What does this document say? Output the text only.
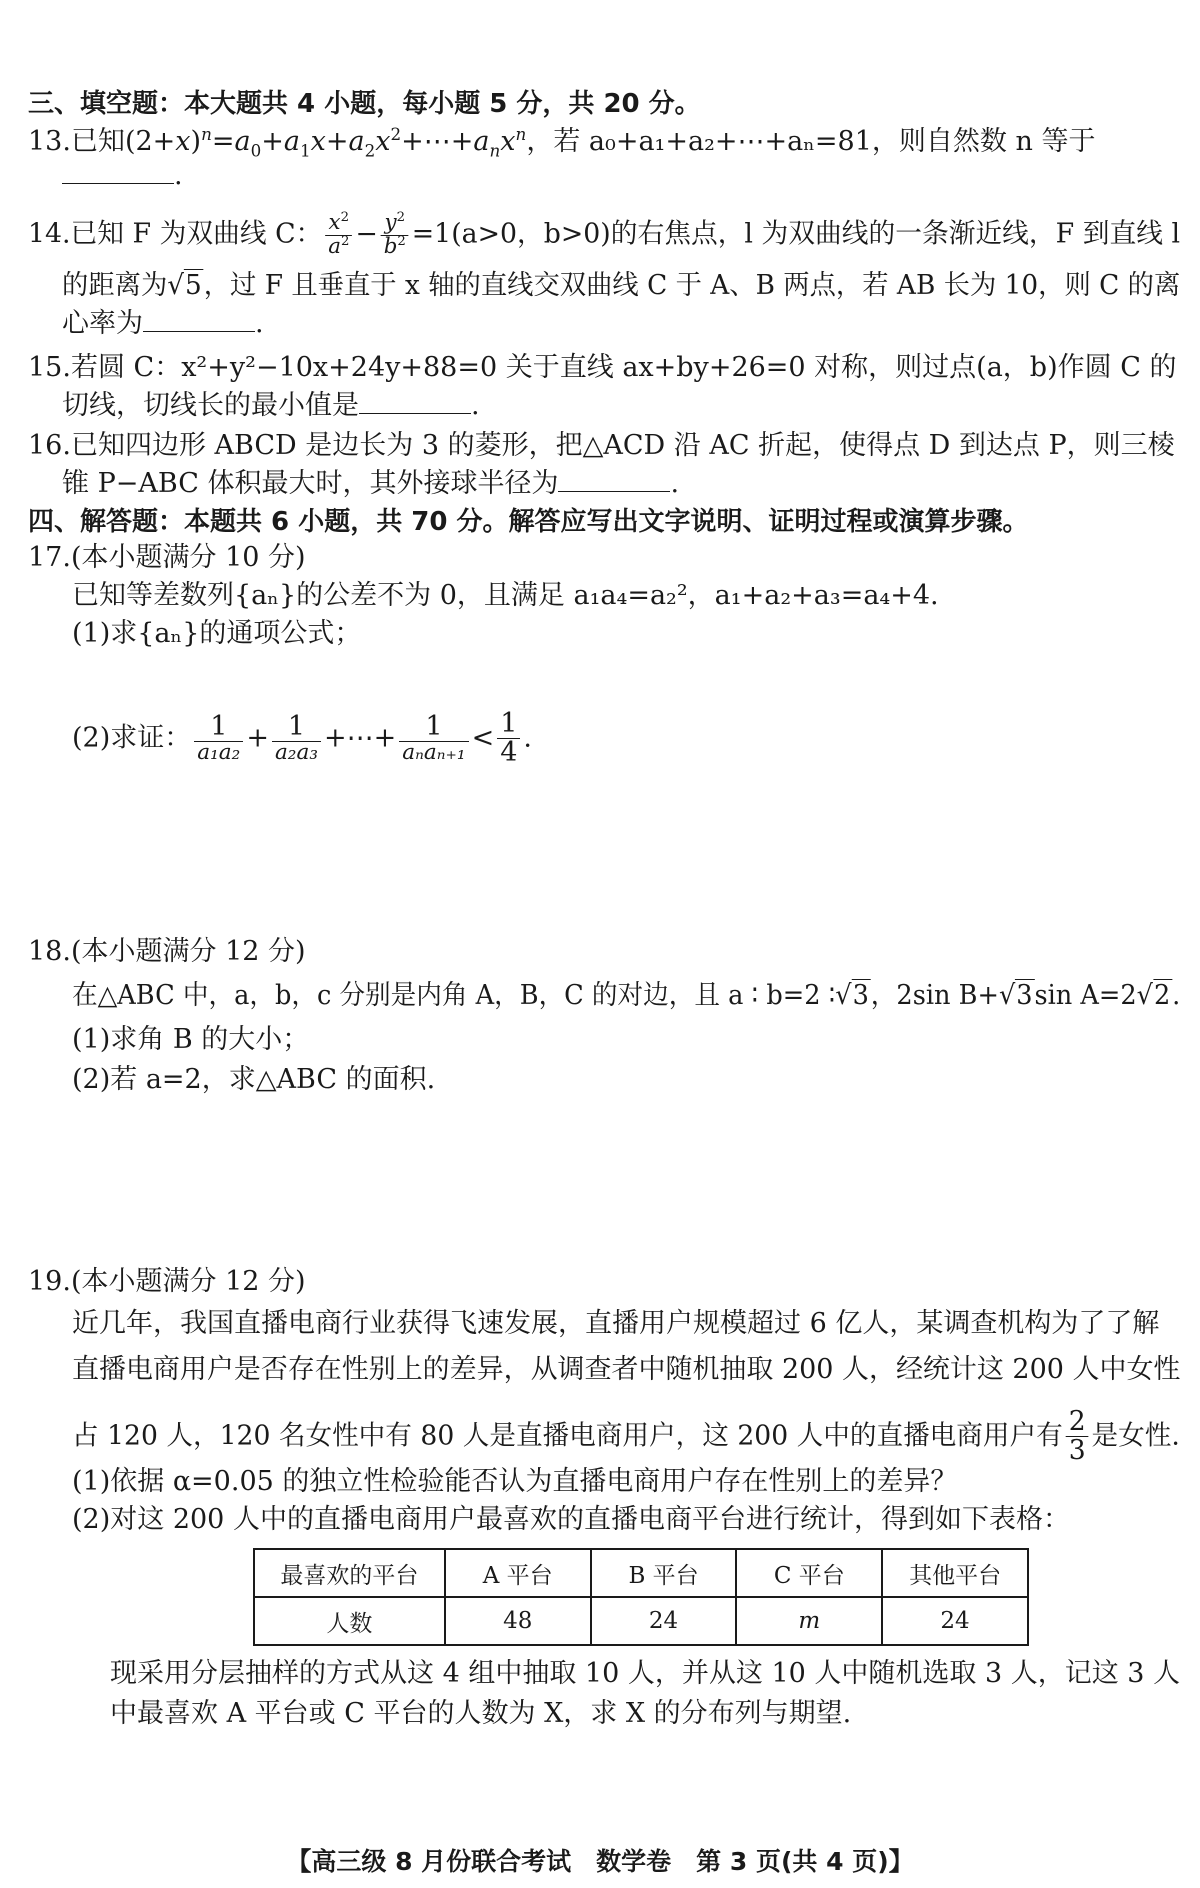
三、填空题：本大题共 4 小题，每小题 5 分，共 20 分。
13.已知$(2+x)^n=a_0+a_1x+a_2x^2+\cdots+a_nx^n$，若 a₀+a₁+a₂+⋯+aₙ=81，则自然数 n 等于
.
14.已知 F 为双曲线 C： $\frac{x^2}{a^2} - \frac{y^2}{b^2} =1(a>0$，b>0)的右焦点，l 为双曲线的一条渐近线，F 到直线 l
的距离为√5，过 F 且垂直于 x 轴的直线交双曲线 C 于 A、B 两点，若 AB 长为 10，则 C 的离
心率为	.
15.若圆 C：x²+y²−10x+24y+88=0 关于直线 ax+by+26=0 对称，则过点(a，b)作圆 C 的
切线，切线长的最小值是	.
16.已知四边形 ABCD 是边长为 3 的菱形，把△ACD 沿 AC 折起，使得点 D 到达点 P，则三棱
锥 P−ABC 体积最大时，其外接球半径为	.
四、解答题：本题共 6 小题，共 70 分。解答应写出文字说明、证明过程或演算步骤。
17.(本小题满分 10 分)
已知等差数列{aₙ}的公差不为 0，且满足 a₁a₄=a₂²，a₁+a₂+a₃=a₄+4.
(1)求{aₙ}的通项公式；
(2)求证： $\frac{1}{\text{a₁a₂}} + \frac{1}{\text{a₂a₃}}$ +⋯+ $\frac{1}{\text{aₙaₙ₊₁}} < \frac{1}{4}$ .
18.(本小题满分 12 分)
在△ABC 中，a，b，c 分别是内角 A，B，C 的对边，且 a ∶ b=2 ∶√3，2sin B+√3sin A=2√2.
(1)求角 B 的大小；
(2)若 a=2，求△ABC 的面积.
19.(本小题满分 12 分)
近几年，我国直播电商行业获得飞速发展，直播用户规模超过 6 亿人，某调查机构为了了解
直播电商用户是否存在性别上的差异，从调查者中随机抽取 200 人，经统计这 200 人中女性
占 120 人，120 名女性中有 80 人是直播电商用户，这 200 人中的直播电商用户有 $\frac{2}{3}$ 是女性.
(1)依据 α=0.05 的独立性检验能否认为直播电商用户存在性别上的差异？
(2)对这 200 人中的直播电商用户最喜欢的直播电商平台进行统计，得到如下表格：
最喜欢的平台	A 平台	B 平台	C 平台	其他平台
人数	48	24	m	24
现采用分层抽样的方式从这 4 组中抽取 10 人，并从这 10 人中随机选取 3 人，记这 3 人
中最喜欢 A 平台或 C 平台的人数为 X，求 X 的分布列与期望.
【高三级 8 月份联合考试　数学卷　第 3 页(共 4 页)】
